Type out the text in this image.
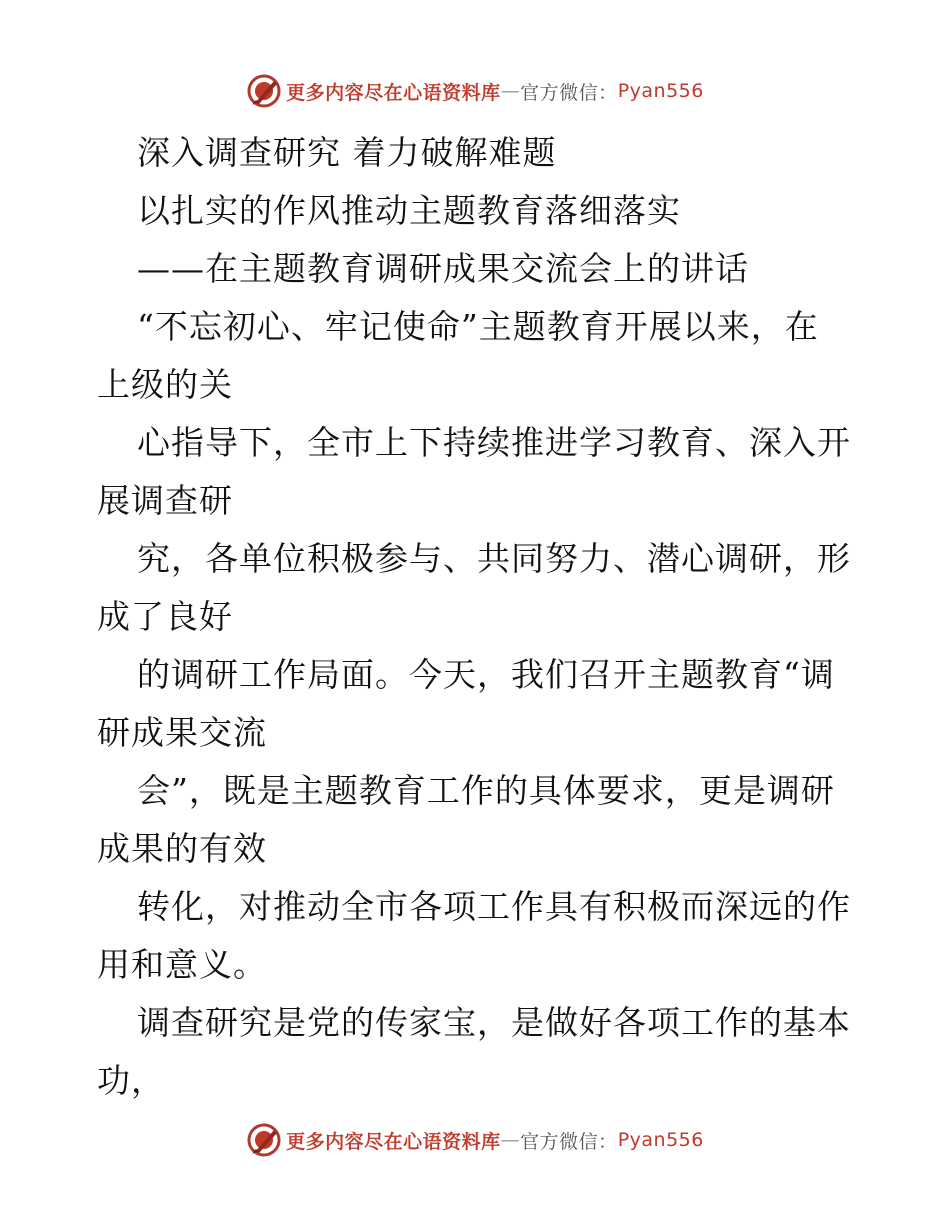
更多内容尽在心语资料库 — 官方微信： Pyan556
深入调查研究 着力破解难题
以扎实的作风推动主题教育落细落实
——在主题教育调研成果交流会上的讲话
“不忘初心、牢记使命”主题教育开展以来，在
上级的关
心指导下，全市上下持续推进学习教育、深入开
展调查研
究，各单位积极参与、共同努力、潜心调研，形
成了良好
的调研工作局面。今天，我们召开主题教育“调
研成果交流
会”，既是主题教育工作的具体要求，更是调研
成果的有效
转化，对推动全市各项工作具有积极而深远的作
用和意义。
调查研究是党的传家宝，是做好各项工作的基本
功，
更多内容尽在心语资料库 — 官方微信： Pyan556
